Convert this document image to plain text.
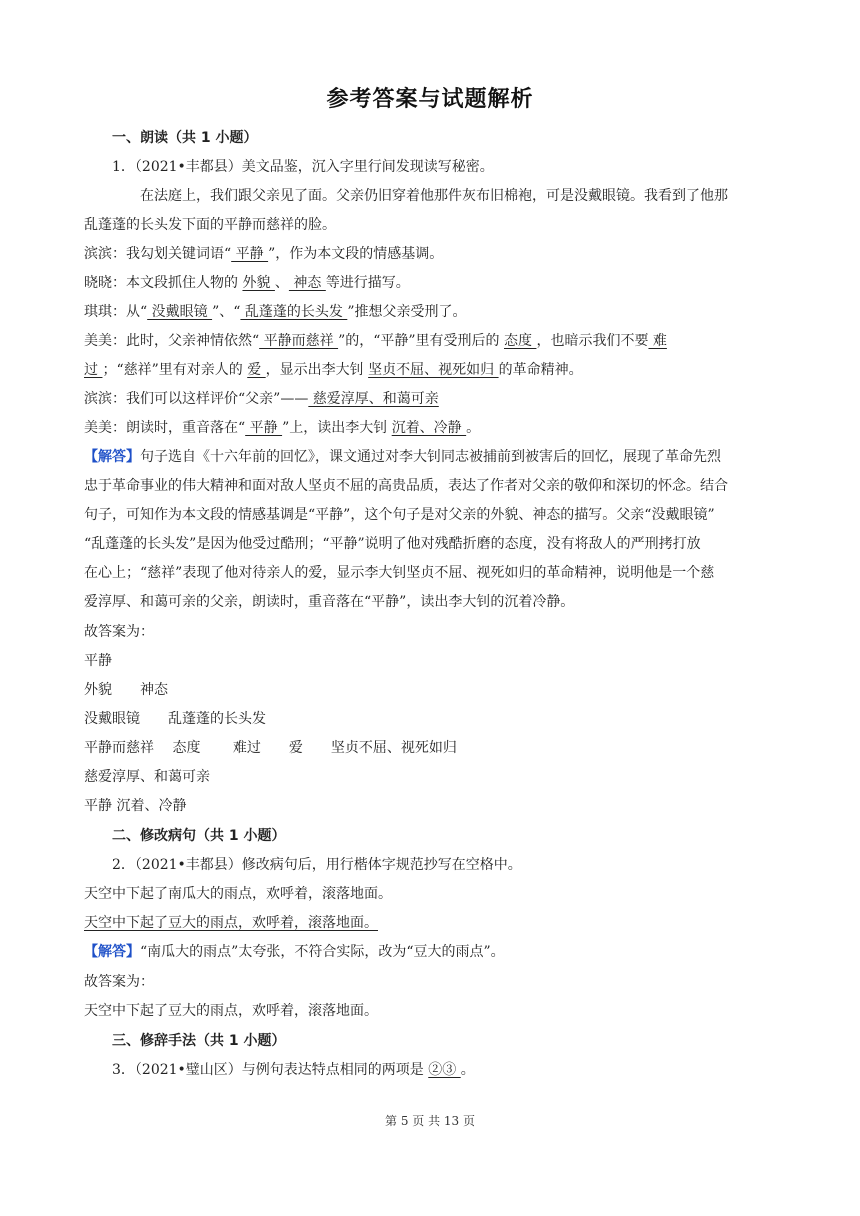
参考答案与试题解析
一、朗读（共 1 小题）
1．（2021•丰都县）美文品鉴，沉入字里行间发现读写秘密。
在法庭上，我们跟父亲见了面。父亲仍旧穿着他那件灰布旧棉袍，可是没戴眼镜。我看到了他那
乱蓬蓬的长头发下面的平静而慈祥的脸。
滨滨：我勾划关键词语“ 平静 ”，作为本文段的情感基调。
晓晓：本文段抓住人物的 外貌 、 神态 等进行描写。
琪琪：从“ 没戴眼镜 ”、“ 乱蓬蓬的长头发 ”推想父亲受刑了。
美美：此时，父亲神情依然“ 平静而慈祥 ”的，“平静”里有受刑后的 态度 ，也暗示我们不要 难
过 ；“慈祥”里有对亲人的 爱 ，显示出李大钊 坚贞不屈、视死如归 的革命精神。
滨滨：我们可以这样评价“父亲”—— 慈爱淳厚、和蔼可亲
美美：朗读时，重音落在“ 平静 ”上，读出李大钊 沉着、冷静 。
【解答】句子选自《十六年前的回忆》，课文通过对李大钊同志被捕前到被害后的回忆，展现了革命先烈
忠于革命事业的伟大精神和面对敌人坚贞不屈的高贵品质，表达了作者对父亲的敬仰和深切的怀念。结合
句子，可知作为本文段的情感基调是“平静”，这个句子是对父亲的外貌、神态的描写。父亲“没戴眼镜”
“乱蓬蓬的长头发”是因为他受过酷刑；“平静”说明了他对残酷折磨的态度，没有将敌人的严刑拷打放
在心上；“慈祥”表现了他对待亲人的爱，显示李大钊坚贞不屈、视死如归的革命精神，说明他是一个慈
爱淳厚、和蔼可亲的父亲，朗读时，重音落在“平静”，读出李大钊的沉着冷静。
故答案为：
平静
外貌　　神态
没戴眼镜　　乱蓬蓬的长头发
平静而慈祥　 态度　　 难过　　爱　　坚贞不屈、视死如归
慈爱淳厚、和蔼可亲
平静 沉着、冷静
二、修改病句（共 1 小题）
2．（2021•丰都县）修改病句后，用行楷体字规范抄写在空格中。
天空中下起了南瓜大的雨点，欢呼着，滚落地面。
天空中下起了豆大的雨点，欢呼着，滚落地面。
【解答】“南瓜大的雨点”太夸张，不符合实际，改为“豆大的雨点”。
故答案为：
天空中下起了豆大的雨点，欢呼着，滚落地面。
三、修辞手法（共 1 小题）
3．（2021•璧山区）与例句表达特点相同的两项是 ②③ 。
第 5 页 共 13 页
